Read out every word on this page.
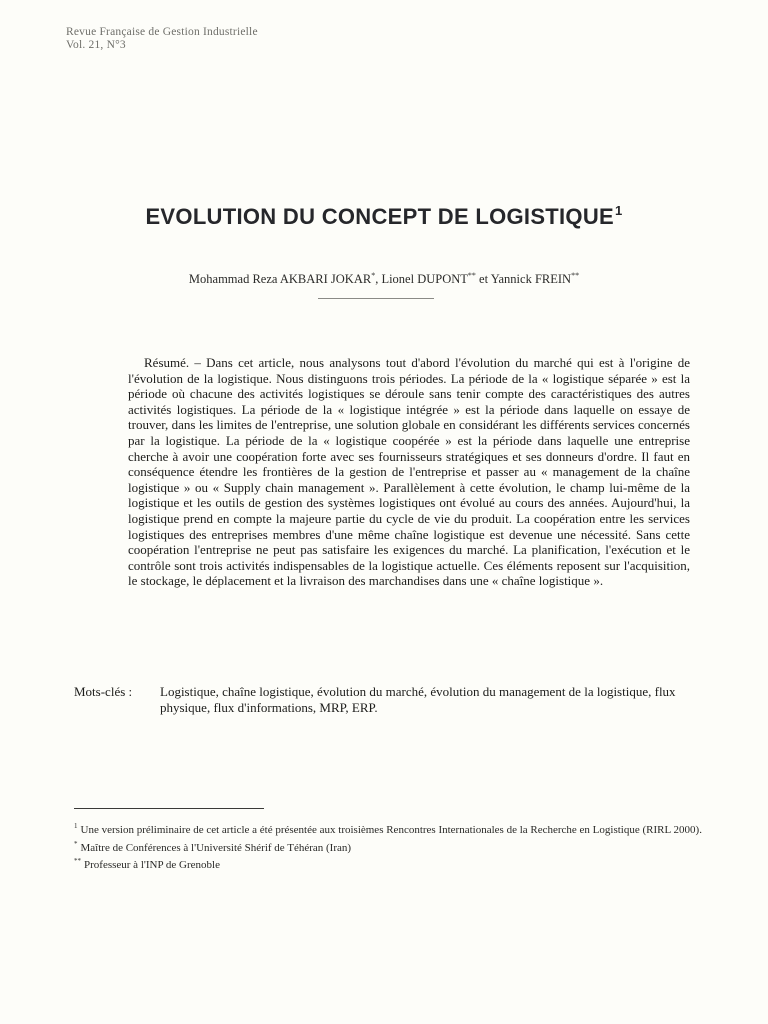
Revue Française de Gestion Industrielle
Vol. 21, N°3
EVOLUTION DU CONCEPT DE LOGISTIQUE$^1$
Mohammad Reza AKBARI JOKAR*, Lionel DUPONT** et Yannick FREIN**
Résumé. – Dans cet article, nous analysons tout d'abord l'évolution du marché qui est à l'origine de l'évolution de la logistique. Nous distinguons trois périodes. La période de la « logistique séparée » est la période où chacune des activités logistiques se déroule sans tenir compte des caractéristiques des autres activités logistiques. La période de la « logistique intégrée » est la période dans laquelle on essaye de trouver, dans les limites de l'entreprise, une solution globale en considérant les différents services concernés par la logistique. La période de la « logistique coopérée » est la période dans laquelle une entreprise cherche à avoir une coopération forte avec ses fournisseurs stratégiques et ses donneurs d'ordre. Il faut en conséquence étendre les frontières de la gestion de l'entreprise et passer au « management de la chaîne logistique » ou « Supply chain management ». Parallèlement à cette évolution, le champ lui-même de la logistique et les outils de gestion des systèmes logistiques ont évolué au cours des années. Aujourd'hui, la logistique prend en compte la majeure partie du cycle de vie du produit. La coopération entre les services logistiques des entreprises membres d'une même chaîne logistique est devenue une nécessité. Sans cette coopération l'entreprise ne peut pas satisfaire les exigences du marché. La planification, l'exécution et le contrôle sont trois activités indispensables de la logistique actuelle. Ces éléments reposent sur l'acquisition, le stockage, le déplacement et la livraison des marchandises dans une « chaîne logistique ».
Mots-clés :	Logistique, chaîne logistique, évolution du marché, évolution du management de la logistique, flux physique, flux d'informations, MRP, ERP.

$^1$ Une version préliminaire de cet article a été présentée aux troisièmes Rencontres Internationales de la Recherche en Logistique (RIRL 2000).

* Maître de Conférences à l'Université Shérif de Téhéran (Iran)

** Professeur à l'INP de Grenoble
